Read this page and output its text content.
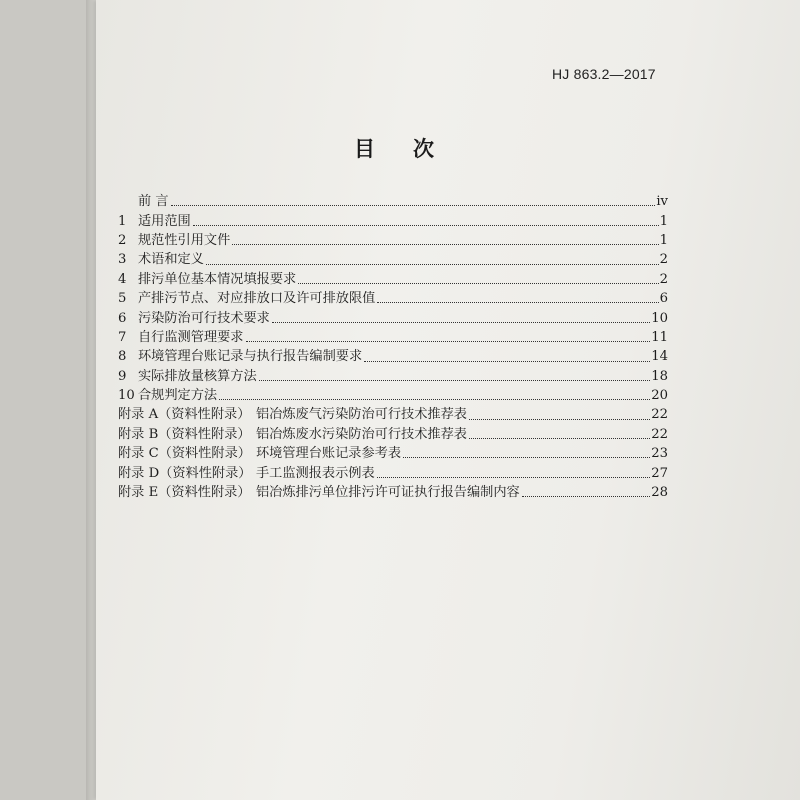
HJ 863.2—2017
目 次
前 言	iv
1 适用范围	1
2 规范性引用文件	1
3 术语和定义	2
4 排污单位基本情况填报要求	2
5 产排污节点、对应排放口及许可排放限值	6
6 污染防治可行技术要求	10
7 自行监测管理要求	11
8 环境管理台账记录与执行报告编制要求	14
9 实际排放量核算方法	18
10 合规判定方法	20
附录 A（资料性附录） 铝冶炼废气污染防治可行技术推荐表	22
附录 B（资料性附录） 铝冶炼废水污染防治可行技术推荐表	22
附录 C（资料性附录） 环境管理台账记录参考表	23
附录 D（资料性附录） 手工监测报表示例表	27
附录 E（资料性附录） 铝冶炼排污单位排污许可证执行报告编制内容	28
